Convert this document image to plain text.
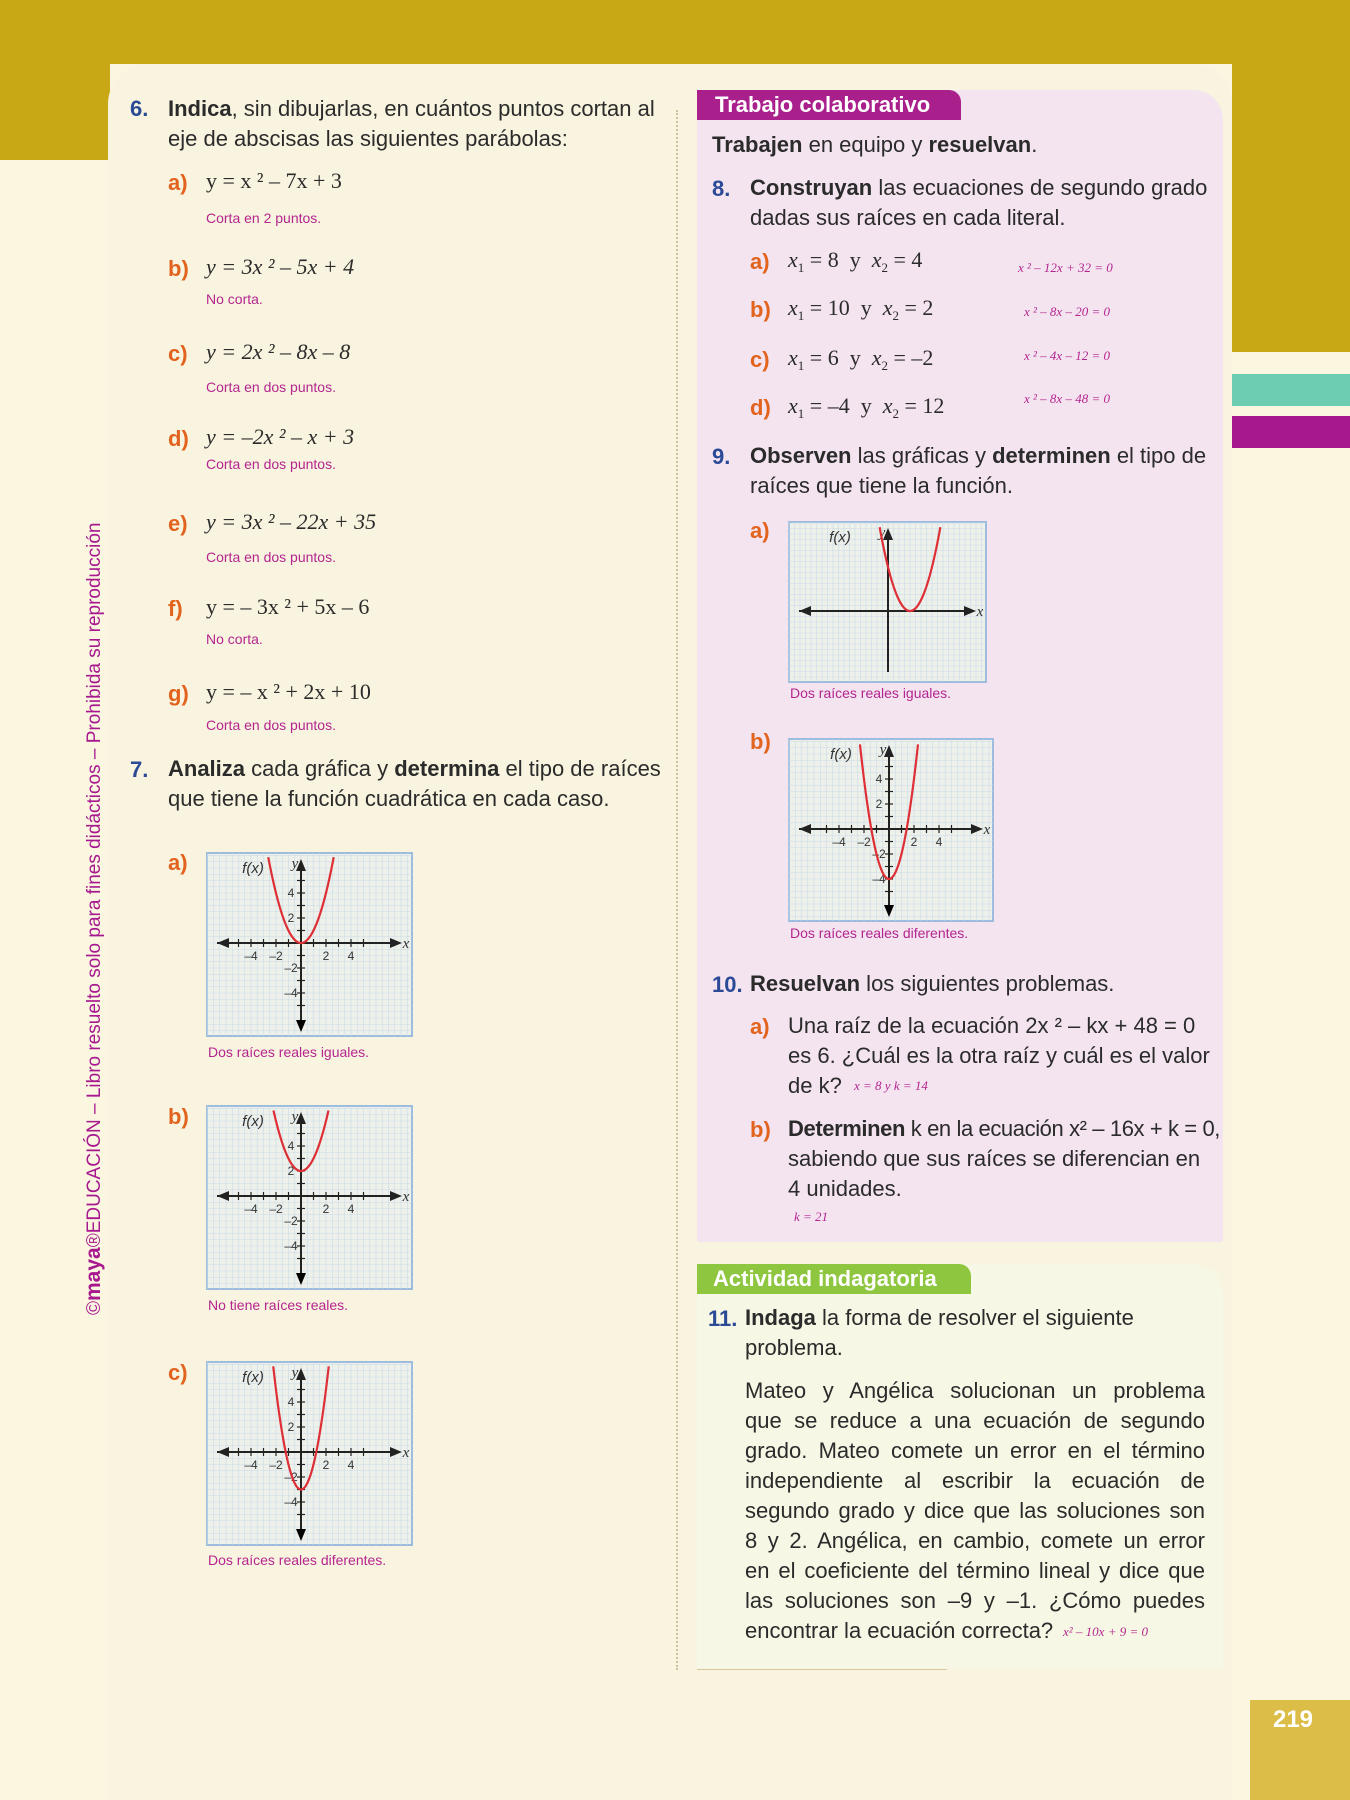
©maya®EDUCACIÓN – Libro resuelto solo para fines didácticos – Prohibida su reproducción
6. Indica, sin dibujarlas, en cuántos puntos cortan al
eje de abscisas las siguientes parábolas:
a) y = x ² – 7x + 3
Corta en 2 puntos.
b) y = 3x ² – 5x + 4
No corta.
c) y = 2x ² – 8x – 8
Corta en dos puntos.
d) y = –2x ² – x + 3
Corta en dos puntos.
e) y = 3x ² – 22x + 35
Corta en dos puntos.
f) y = – 3x ² + 5x – 6
No corta.
g) y = – x ² + 2x + 10
Corta en dos puntos.
7. Analiza cada gráfica y determina el tipo de raíces
que tiene la función cuadrática en cada caso.
a)
–4 –2	2 4
4
2
–2
–4
x
y
f(x)
Dos raíces reales iguales.
b)
–4 –2	2 4
4
2
–2
–4
x
y
f(x)
No tiene raíces reales.
c)
–4 –2	2 4
4
2
–2
–4
x
y
f(x)
Dos raíces reales diferentes.
Trabajo colaborativo
Trabajen en equipo y resuelvan.
8. Construyan las ecuaciones de segundo grado
dadas sus raíces en cada literal.
a) $x_1 = 8$  y  $x_2 = 4$	x ² – 12x + 32 = 0
b) $x_1 = 10$  y  $x_2 = 2$	x ² – 8x – 20 = 0
c) $x_1 = 6$  y  $x_2 = -2$	x ² – 4x – 12 = 0
d) $x_1 = -4$  y  $x_2 = 12$	x ² – 8x – 48 = 0
9. Observen las gráficas y determinen el tipo de
raíces que tiene la función.
a)
x
y
f(x)
Dos raíces reales iguales.
b)
–4 –2	2 4
4
2
–2
–4
x
y
f(x)
Dos raíces reales diferentes.
10. Resuelvan los siguientes problemas.
a) Una raíz de la ecuación 2x ² – kx + 48 = 0
es 6. ¿Cuál es la otra raíz y cuál es el valor
de k? x = 8 y k = 14
b) Determinen k en la ecuación x² – 16x + k = 0,
sabiendo que sus raíces se diferencian en
4 unidades.
k = 21
Actividad indagatoria
11. Indaga la forma de resolver el siguiente
problema.
Mateo y Angélica solucionan un problema
que se reduce a una ecuación de segundo
grado. Mateo comete un error en el término
independiente al escribir la ecuación de
segundo grado y dice que las soluciones son
8 y 2. Angélica, en cambio, comete un error
en el coeficiente del término lineal y dice que
las soluciones son –9 y –1. ¿Cómo puedes
encontrar la ecuación correcta? x² – 10x + 9 = 0
219
